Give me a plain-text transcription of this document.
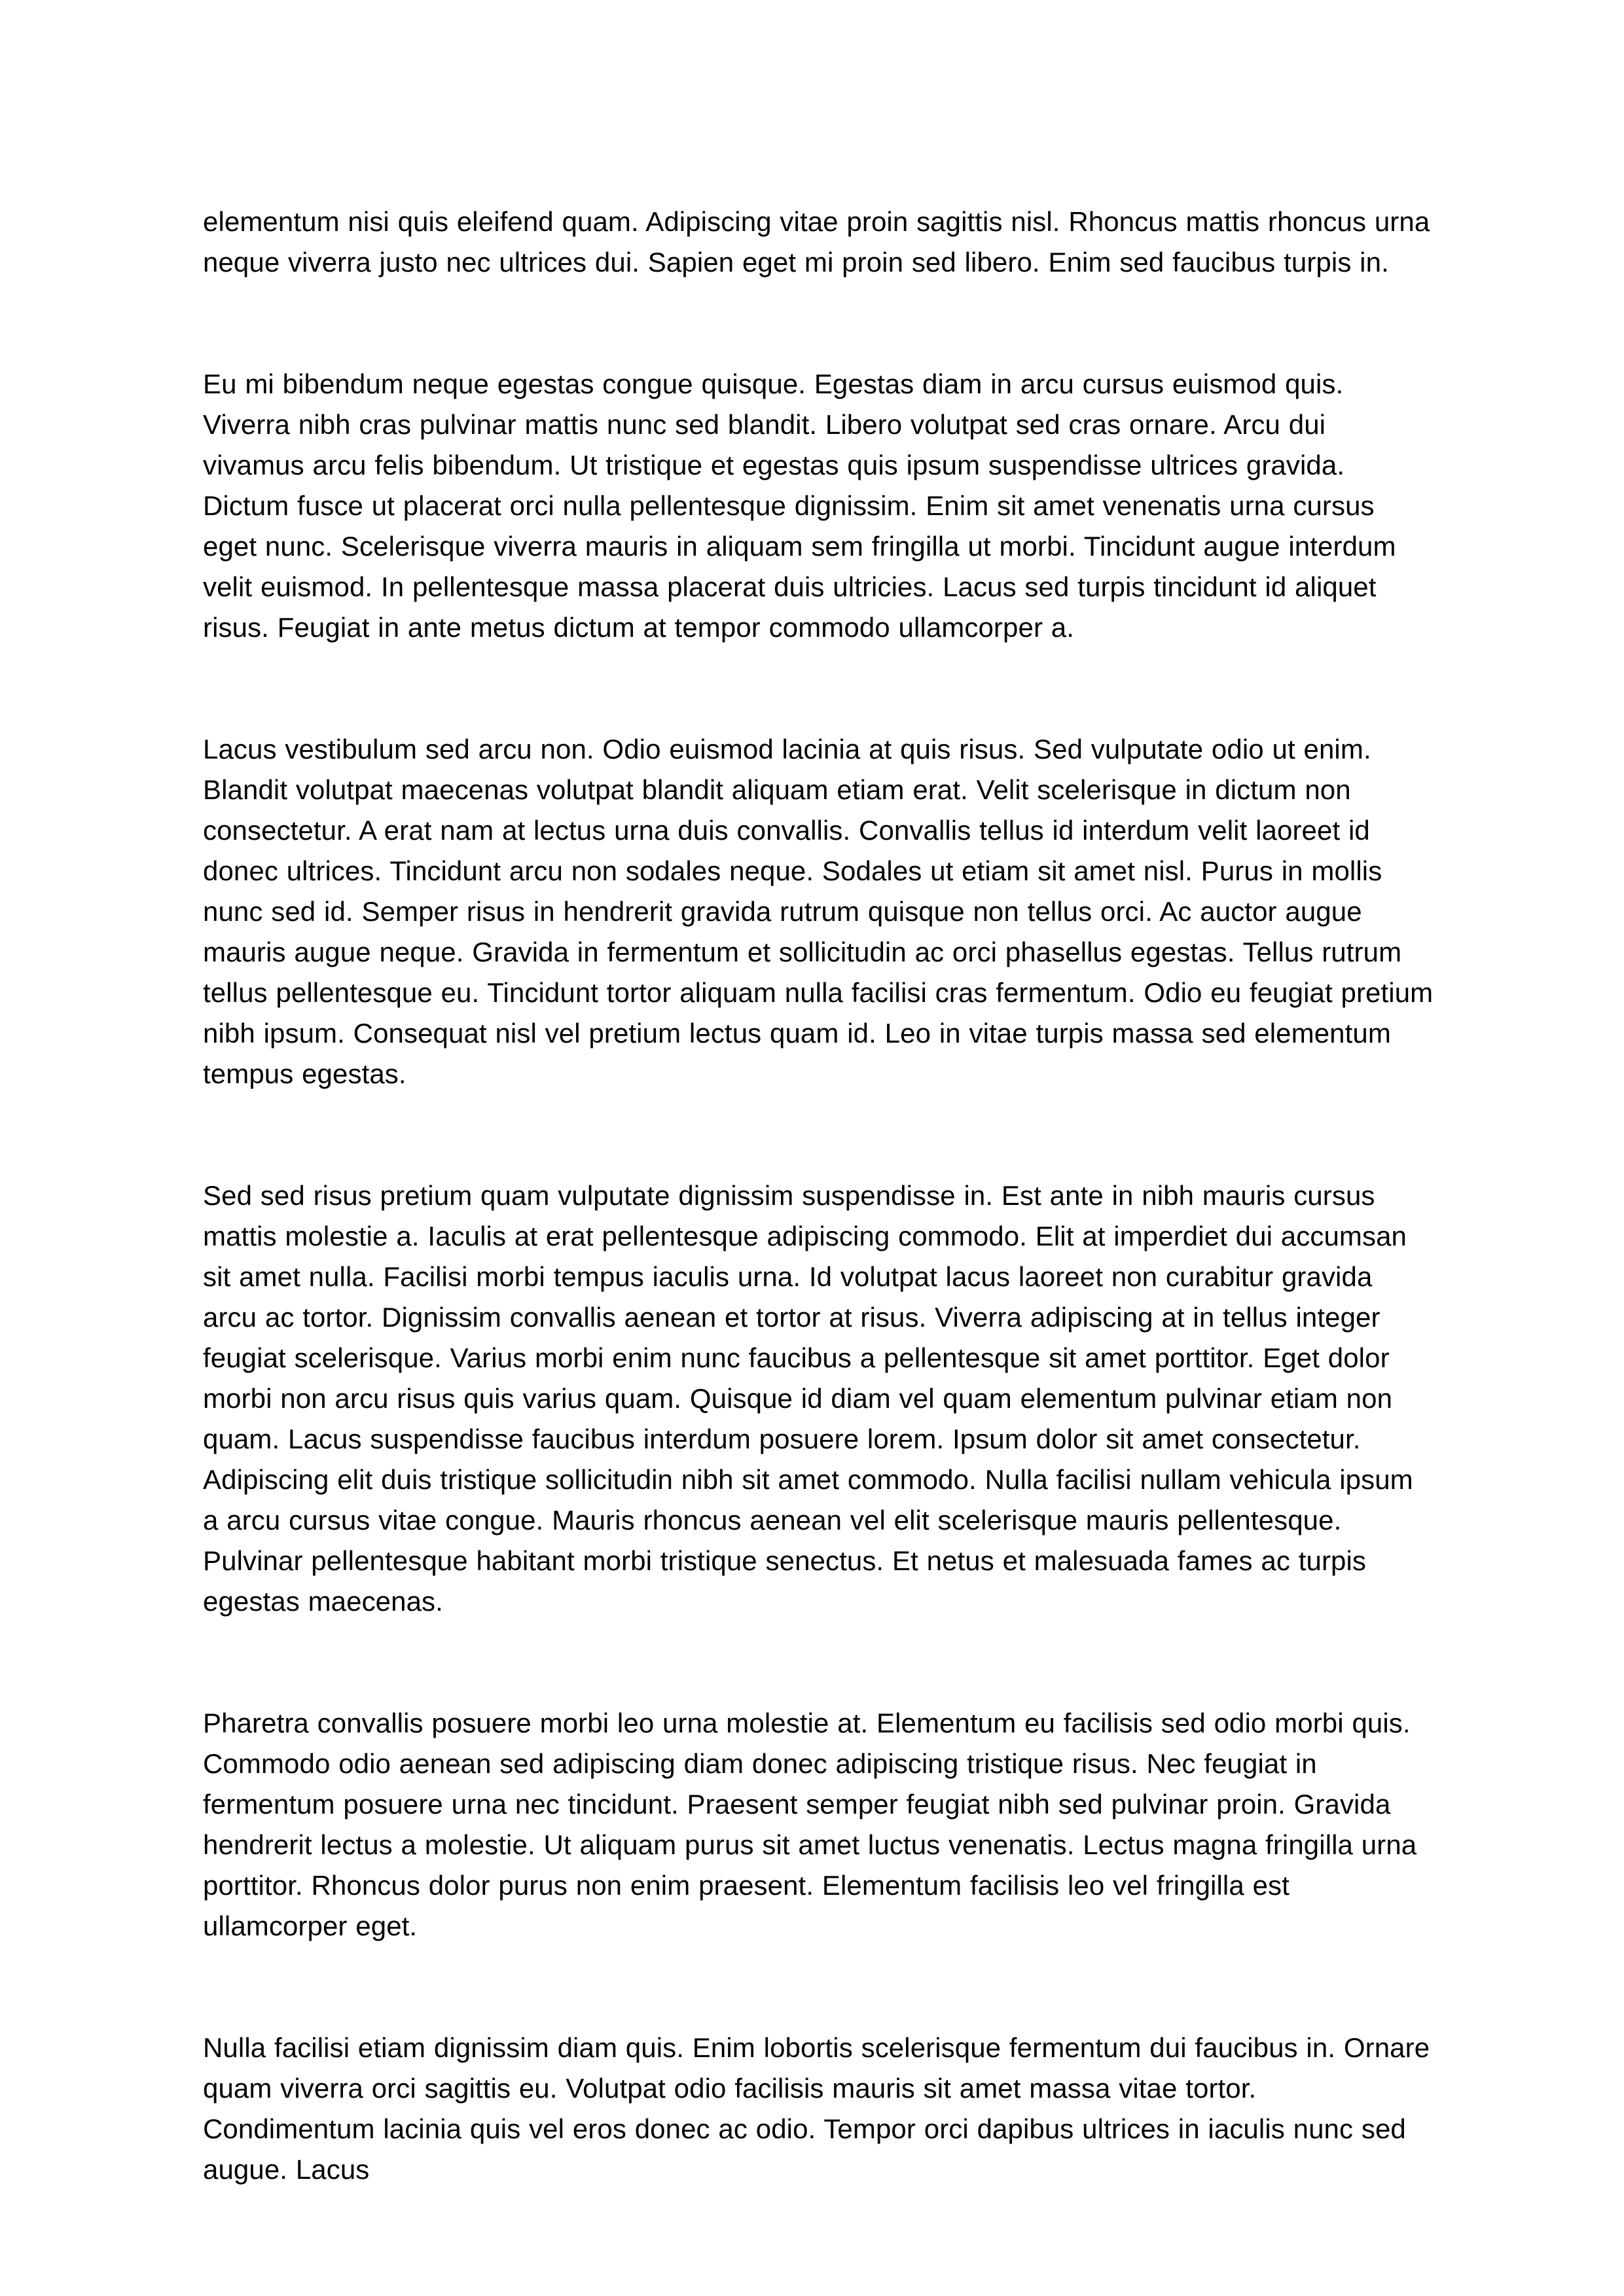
elementum nisi quis eleifend quam. Adipiscing vitae proin sagittis nisl. Rhoncus mattis rhoncus urna neque viverra justo nec ultrices dui. Sapien eget mi proin sed libero. Enim sed faucibus turpis in.

Eu mi bibendum neque egestas congue quisque. Egestas diam in arcu cursus euismod quis. Viverra nibh cras pulvinar mattis nunc sed blandit. Libero volutpat sed cras ornare. Arcu dui vivamus arcu felis bibendum. Ut tristique et egestas quis ipsum suspendisse ultrices gravida. Dictum fusce ut placerat orci nulla pellentesque dignissim. Enim sit amet venenatis urna cursus eget nunc. Scelerisque viverra mauris in aliquam sem fringilla ut morbi. Tincidunt augue interdum velit euismod. In pellentesque massa placerat duis ultricies. Lacus sed turpis tincidunt id aliquet risus. Feugiat in ante metus dictum at tempor commodo ullamcorper a.

Lacus vestibulum sed arcu non. Odio euismod lacinia at quis risus. Sed vulputate odio ut enim. Blandit volutpat maecenas volutpat blandit aliquam etiam erat. Velit scelerisque in dictum non consectetur. A erat nam at lectus urna duis convallis. Convallis tellus id interdum velit laoreet id donec ultrices. Tincidunt arcu non sodales neque. Sodales ut etiam sit amet nisl. Purus in mollis nunc sed id. Semper risus in hendrerit gravida rutrum quisque non tellus orci. Ac auctor augue mauris augue neque. Gravida in fermentum et sollicitudin ac orci phasellus egestas. Tellus rutrum tellus pellentesque eu. Tincidunt tortor aliquam nulla facilisi cras fermentum. Odio eu feugiat pretium nibh ipsum. Consequat nisl vel pretium lectus quam id. Leo in vitae turpis massa sed elementum tempus egestas.

Sed sed risus pretium quam vulputate dignissim suspendisse in. Est ante in nibh mauris cursus mattis molestie a. Iaculis at erat pellentesque adipiscing commodo. Elit at imperdiet dui accumsan sit amet nulla. Facilisi morbi tempus iaculis urna. Id volutpat lacus laoreet non curabitur gravida arcu ac tortor. Dignissim convallis aenean et tortor at risus. Viverra adipiscing at in tellus integer feugiat scelerisque. Varius morbi enim nunc faucibus a pellentesque sit amet porttitor. Eget dolor morbi non arcu risus quis varius quam. Quisque id diam vel quam elementum pulvinar etiam non quam. Lacus suspendisse faucibus interdum posuere lorem. Ipsum dolor sit amet consectetur. Adipiscing elit duis tristique sollicitudin nibh sit amet commodo. Nulla facilisi nullam vehicula ipsum a arcu cursus vitae congue. Mauris rhoncus aenean vel elit scelerisque mauris pellentesque. Pulvinar pellentesque habitant morbi tristique senectus. Et netus et malesuada fames ac turpis egestas maecenas.

Pharetra convallis posuere morbi leo urna molestie at. Elementum eu facilisis sed odio morbi quis. Commodo odio aenean sed adipiscing diam donec adipiscing tristique risus. Nec feugiat in fermentum posuere urna nec tincidunt. Praesent semper feugiat nibh sed pulvinar proin. Gravida hendrerit lectus a molestie. Ut aliquam purus sit amet luctus venenatis. Lectus magna fringilla urna porttitor. Rhoncus dolor purus non enim praesent. Elementum facilisis leo vel fringilla est ullamcorper eget.

Nulla facilisi etiam dignissim diam quis. Enim lobortis scelerisque fermentum dui faucibus in. Ornare quam viverra orci sagittis eu. Volutpat odio facilisis mauris sit amet massa vitae tortor. Condimentum lacinia quis vel eros donec ac odio. Tempor orci dapibus ultrices in iaculis nunc sed augue. Lacus
